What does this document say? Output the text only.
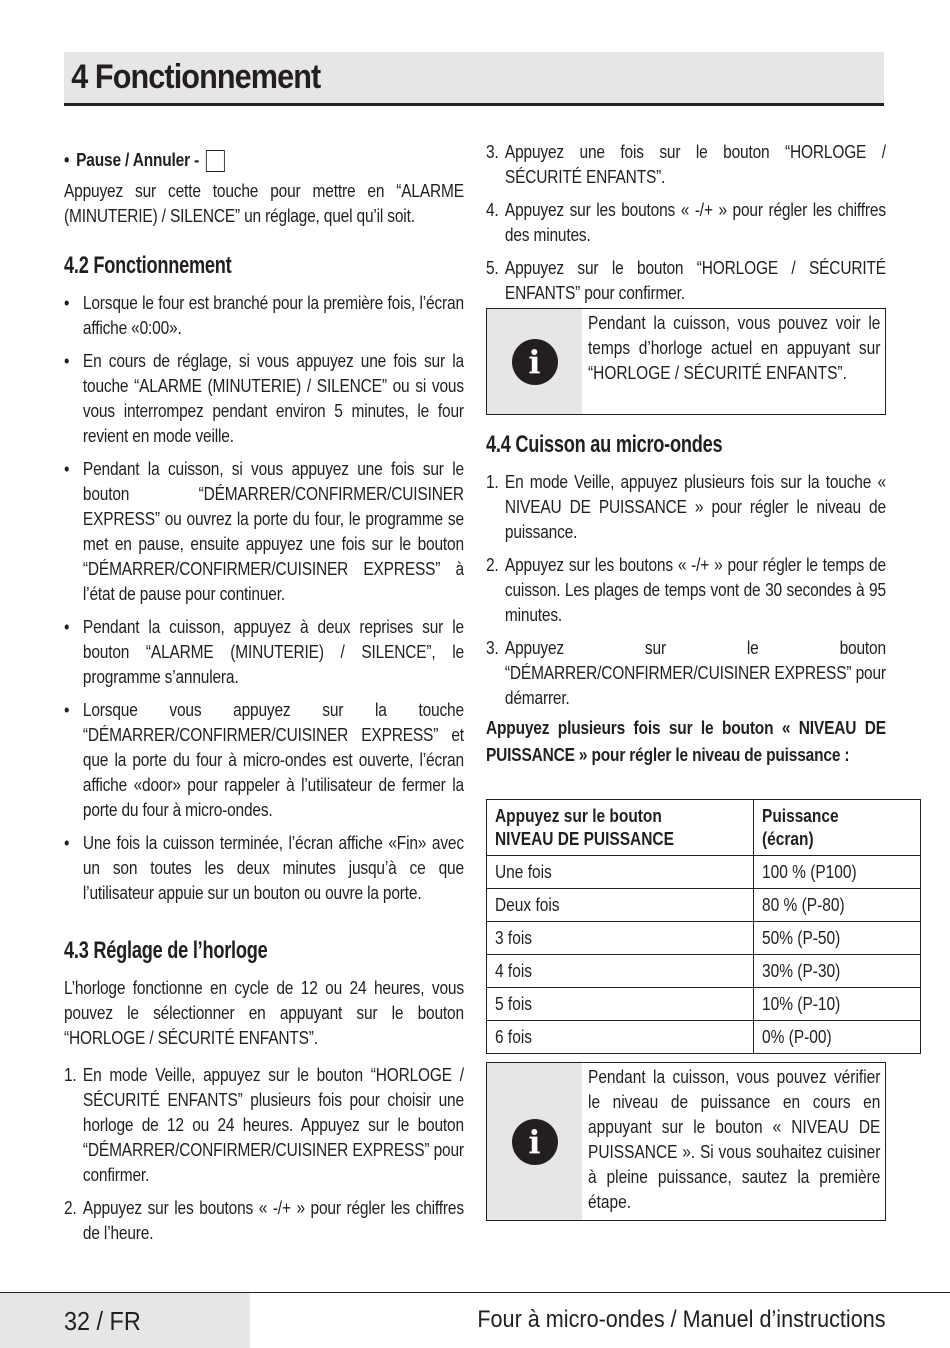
4 Fonctionnement
• Pause / Annuler -

Appuyez sur cette touche pour mettre en “ALARME (MINUTERIE) / SILENCE” un réglage, quel qu’il soit.

4.2 Fonctionnement
• Lorsque le four est branché pour la première fois, l’écran affiche «0:00».
• En cours de réglage, si vous appuyez une fois sur la touche “ALARME (MINUTERIE) / SILENCE” ou si vous vous interrompez pendant environ 5 minutes, le four revient en mode veille.
• Pendant la cuisson, si vous appuyez une fois sur le bouton “DÉMARRER/CONFIRMER/CUISINER EXPRESS” ou ouvrez la porte du four, le programme se met en pause, ensuite appuyez une fois sur le bouton “DÉMARRER/CONFIRMER/CUISINER EXPRESS” à l’état de pause pour continuer.
• Pendant la cuisson, appuyez à deux reprises sur le bouton “ALARME (MINUTERIE) / SILENCE”, le programme s’annulera.
• Lorsque vous appuyez sur la touche “DÉMARRER/CONFIRMER/CUISINER EXPRESS” et que la porte du four à micro-ondes est ouverte, l’écran affiche «door» pour rappeler à l’utilisateur de fermer la porte du four à micro-ondes.
• Une fois la cuisson terminée, l’écran affiche «Fin» avec un son toutes les deux minutes jusqu’à ce que l’utilisateur appuie sur un bouton ou ouvre la porte.
4.3 Réglage de l’horloge

L’horloge fonctionne en cycle de 12 ou 24 heures, vous pouvez le sélectionner en appuyant sur le bouton “HORLOGE / SÉCURITÉ ENFANTS”.

1. En mode Veille, appuyez sur le bouton “HORLOGE / SÉCURITÉ ENFANTS” plusieurs fois pour choisir une horloge de 12 ou 24 heures. Appuyez sur le bouton “DÉMARRER/CONFIRMER/CUISINER EXPRESS” pour confirmer.
2. Appuyez sur les boutons « -/+ » pour régler les chiffres de l’heure.
3. Appuyez une fois sur le bouton “HORLOGE / SÉCURITÉ ENFANTS”.
4. Appuyez sur les boutons « -/+ » pour régler les chiffres des minutes.
5. Appuyez sur le bouton “HORLOGE / SÉCURITÉ ENFANTS” pour confirmer.
i
Pendant la cuisson, vous pouvez voir le temps d’horloge actuel en appuyant sur “HORLOGE / SÉCURITÉ ENFANTS”.
4.4 Cuisson au micro-ondes
1. En mode Veille, appuyez plusieurs fois sur la touche « NIVEAU DE PUISSANCE » pour régler le niveau de puissance.
2. Appuyez sur les boutons « -/+ » pour régler le temps de cuisson. Les plages de temps vont de 30 secondes à 95 minutes.
3. Appuyez sur le bouton “DÉMARRER/CONFIRMER/CUISINER EXPRESS” pour démarrer.

Appuyez plusieurs fois sur le bouton « NIVEAU DE PUISSANCE » pour régler le niveau de puissance :

Appuyez sur le bouton NIVEAU DE PUISSANCE	Puissance (écran)
Une fois	100 % (P100)
Deux fois	80 % (P-80)
3 fois	50% (P-50)
4 fois	30% (P-30)
5 fois	10% (P-10)
6 fois	0% (P-00)
i
Pendant la cuisson, vous pouvez vérifier le niveau de puissance en cours en appuyant sur le bouton « NIVEAU DE PUISSANCE ». Si vous souhaitez cuisiner à pleine puissance, sautez la première étape.
32 / FR	Four à micro-ondes / Manuel d’instructions
